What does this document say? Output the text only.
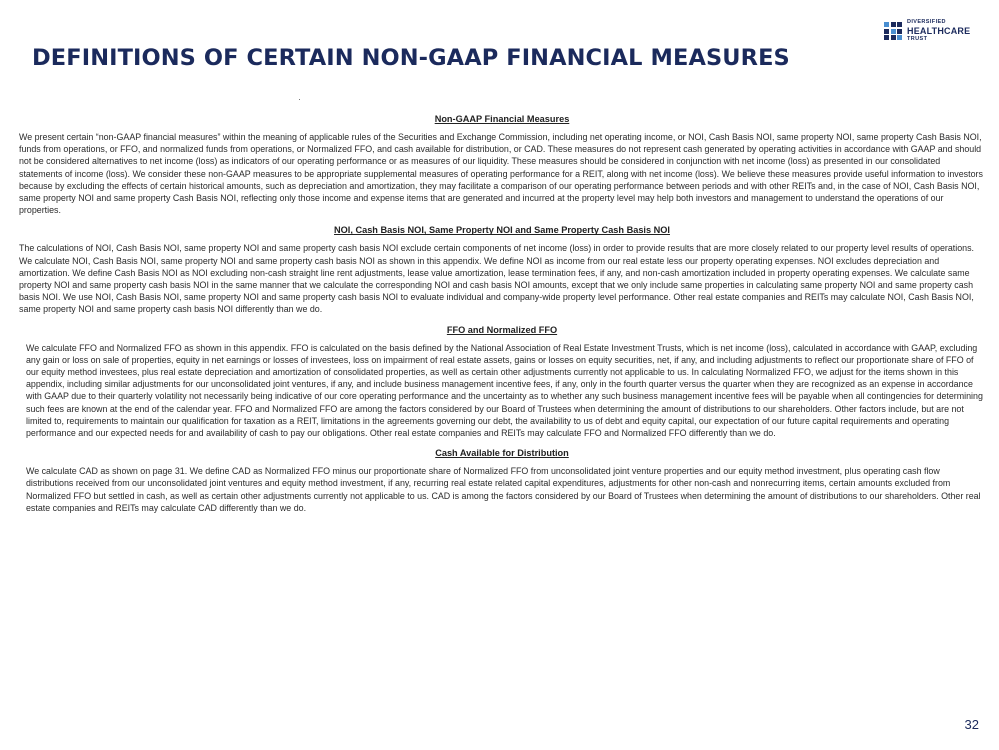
DEFINITIONS OF CERTAIN NON-GAAP FINANCIAL MEASURES
DIVERSIFIED
HEALTHCARE
TRUST
Non-GAAP Financial Measures

We present certain “non-GAAP financial measures” within the meaning of applicable rules of the Securities and Exchange Commission, including net operating income, or NOI, Cash Basis NOI, same property NOI, same property Cash Basis NOI, funds from operations, or FFO, and normalized funds from operations, or Normalized FFO, and cash available for distribution, or CAD. These measures do not represent cash generated by operating activities in accordance with GAAP and should not be considered alternatives to net income (loss) as indicators of our operating performance or as measures of our liquidity. These measures should be considered in conjunction with net income (loss) as presented in our consolidated statements of income (loss). We consider these non-GAAP measures to be appropriate supplemental measures of operating performance for a REIT, along with net income (loss). We believe these measures provide useful information to investors because by excluding the effects of certain historical amounts, such as depreciation and amortization, they may facilitate a comparison of our operating performance between periods and with other REITs and, in the case of NOI, Cash Basis NOI, same property NOI and same property Cash Basis NOI, reflecting only those income and expense items that are generated and incurred at the property level may help both investors and management to understand the operations of our properties.

NOI, Cash Basis NOI, Same Property NOI and Same Property Cash Basis NOI

The calculations of NOI, Cash Basis NOI, same property NOI and same property cash basis NOI exclude certain components of net income (loss) in order to provide results that are more closely related to our property level results of operations. We calculate NOI, Cash Basis NOI, same property NOI and same property cash basis NOI as shown in this appendix. We define NOI as income from our real estate less our property operating expenses. NOI excludes depreciation and amortization. We define Cash Basis NOI as NOI excluding non-cash straight line rent adjustments, lease value amortization, lease termination fees, if any, and non-cash amortization included in property operating expenses. We calculate same property NOI and same property cash basis NOI in the same manner that we calculate the corresponding NOI and cash basis NOI amounts, except that we only include same properties in calculating same property NOI and same property cash basis NOI. We use NOI, Cash Basis NOI, same property NOI and same property cash basis NOI to evaluate individual and company-wide property level performance. Other real estate companies and REITs may calculate NOI, Cash Basis NOI, same property NOI and same property cash basis NOI differently than we do.

FFO and Normalized FFO

We calculate FFO and Normalized FFO as shown in this appendix. FFO is calculated on the basis defined by the National Association of Real Estate Investment Trusts, which is net income (loss), calculated in accordance with GAAP, excluding any gain or loss on sale of properties, equity in net earnings or losses of investees, loss on impairment of real estate assets, gains or losses on equity securities, net, if any, and including adjustments to reflect our proportionate share of FFO of our equity method investees, plus real estate depreciation and amortization of consolidated properties, as well as certain other adjustments currently not applicable to us. In calculating Normalized FFO, we adjust for the items shown in this appendix, including similar adjustments for our unconsolidated joint ventures, if any, and include business management incentive fees, if any, only in the fourth quarter versus the quarter when they are recognized as an expense in accordance with GAAP due to their quarterly volatility not necessarily being indicative of our core operating performance and the uncertainty as to whether any such business management incentive fees will be payable when all contingencies for determining such fees are known at the end of the calendar year. FFO and Normalized FFO are among the factors considered by our Board of Trustees when determining the amount of distributions to our shareholders. Other factors include, but are not limited to, requirements to maintain our qualification for taxation as a REIT, limitations in the agreements governing our debt, the availability to us of debt and equity capital, our expectation of our future capital requirements and operating performance and our expected needs for and availability of cash to pay our obligations. Other real estate companies and REITs may calculate FFO and Normalized FFO differently than we do.

Cash Available for Distribution

We calculate CAD as shown on page 31. We define CAD as Normalized FFO minus our proportionate share of Normalized FFO from unconsolidated joint venture properties and our equity method investment, plus operating cash flow distributions received from our unconsolidated joint ventures and equity method investment, if any, recurring real estate related capital expenditures, adjustments for other non-cash and nonrecurring items, certain amounts excluded from Normalized FFO but settled in cash, as well as certain other adjustments currently not applicable to us. CAD is among the factors considered by our Board of Trustees when determining the amount of distributions to our shareholders. Other real estate companies and REITs may calculate CAD differently than we do.

32
